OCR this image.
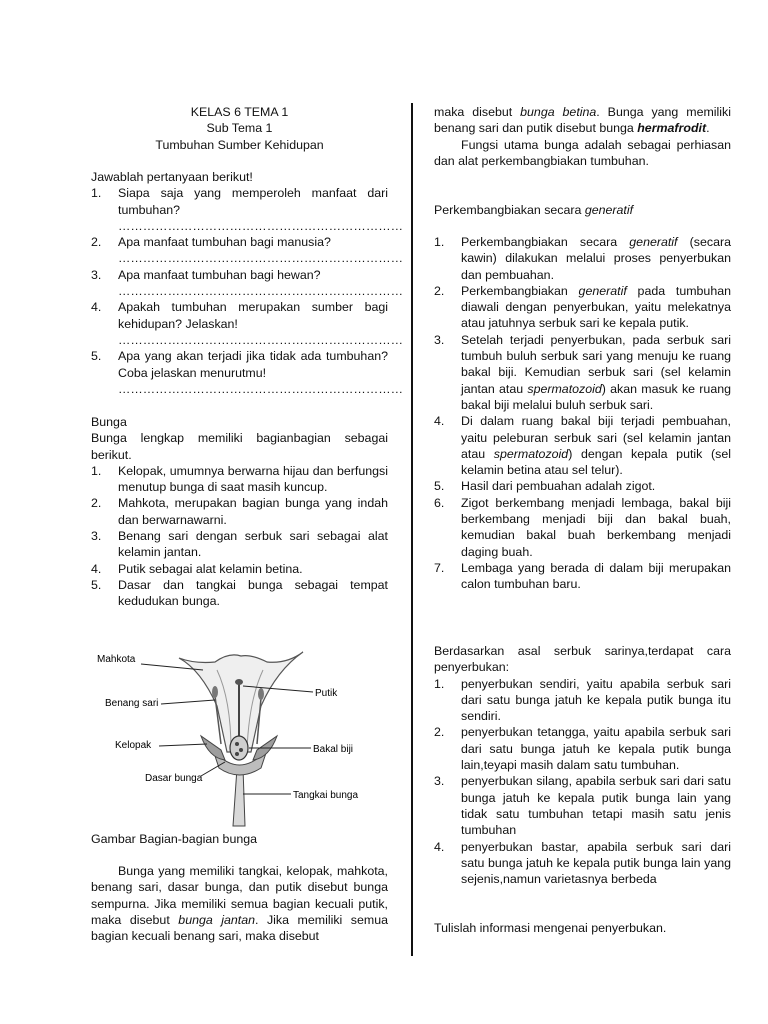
KELAS 6 TEMA 1
Sub Tema 1
Tumbuhan Sumber Kehidupan
Jawablah pertanyaan berikut!
1. Siapa saja yang memperoleh manfaat dari tumbuhan?
……………………………………………………………
2. Apa manfaat tumbuhan bagi manusia?
……………………………………………………………
3. Apa manfaat tumbuhan bagi hewan?
……………………………………………………………
4. Apakah tumbuhan merupakan sumber bagi kehidupan? Jelaskan!
……………………………………………………………
5. Apa yang akan terjadi jika tidak ada tumbuhan? Coba jelaskan menurutmu!
……………………………………………………………
Bunga
Bunga lengkap memiliki bagianbagian sebagai berikut.
1. Kelopak, umumnya berwarna hijau dan berfungsi menutup bunga di saat masih kuncup.
2. Mahkota, merupakan bagian bunga yang indah dan berwarnawarni.
3. Benang sari dengan serbuk sari sebagai alat kelamin jantan.
4. Putik sebagai alat kelamin betina.
5. Dasar dan tangkai bunga sebagai tempat kedudukan bunga.
Mahkota
Benang sari
Kelopak
Dasar bunga
Putik
Bakal biji
Tangkai bunga
Gambar Bagian-bagian bunga
Bunga yang memiliki tangkai, kelopak, mahkota, benang sari, dasar bunga, dan putik disebut bunga sempurna. Jika memiliki semua bagian kecuali putik, maka disebut bunga jantan. Jika memiliki semua bagian kecuali benang sari, maka disebut
maka disebut bunga betina. Bunga yang memiliki benang sari dan putik disebut bunga hermafrodit.
Fungsi utama bunga adalah sebagai perhiasan dan alat perkembangbiakan tumbuhan.
Perkembangbiakan secara generatif
1. Perkembangbiakan secara generatif (secara kawin) dilakukan melalui proses penyerbukan dan pembuahan.
2. Perkembangbiakan generatif pada tumbuhan diawali dengan penyerbukan, yaitu melekatnya atau jatuhnya serbuk sari ke kepala putik.
3. Setelah terjadi penyerbukan, pada serbuk sari tumbuh buluh serbuk sari yang menuju ke ruang bakal biji. Kemudian serbuk sari (sel kelamin jantan atau spermatozoid) akan masuk ke ruang bakal biji melalui buluh serbuk sari.
4. Di dalam ruang bakal biji terjadi pembuahan, yaitu peleburan serbuk sari (sel kelamin jantan atau spermatozoid) dengan kepala putik (sel kelamin betina atau sel telur).
5. Hasil dari pembuahan adalah zigot.
6. Zigot berkembang menjadi lembaga, bakal biji berkembang menjadi biji dan bakal buah, kemudian bakal buah berkembang menjadi daging buah.
7. Lembaga yang berada di dalam biji merupakan calon tumbuhan baru.
Berdasarkan asal serbuk sarinya,terdapat cara penyerbukan:
1. penyerbukan sendiri, yaitu apabila serbuk sari dari satu bunga jatuh ke kepala putik bunga itu sendiri.
2. penyerbukan tetangga, yaitu apabila serbuk sari dari satu bunga jatuh ke kepala putik bunga lain,teyapi masih dalam satu tumbuhan.
3. penyerbukan silang, apabila serbuk sari dari satu bunga jatuh ke kepala putik bunga lain yang tidak satu tumbuhan tetapi masih satu jenis tumbuhan
4. penyerbukan bastar, apabila serbuk sari dari satu bunga jatuh ke kepala putik bunga lain yang sejenis,namun varietasnya berbeda
Tulislah informasi mengenai penyerbukan.
